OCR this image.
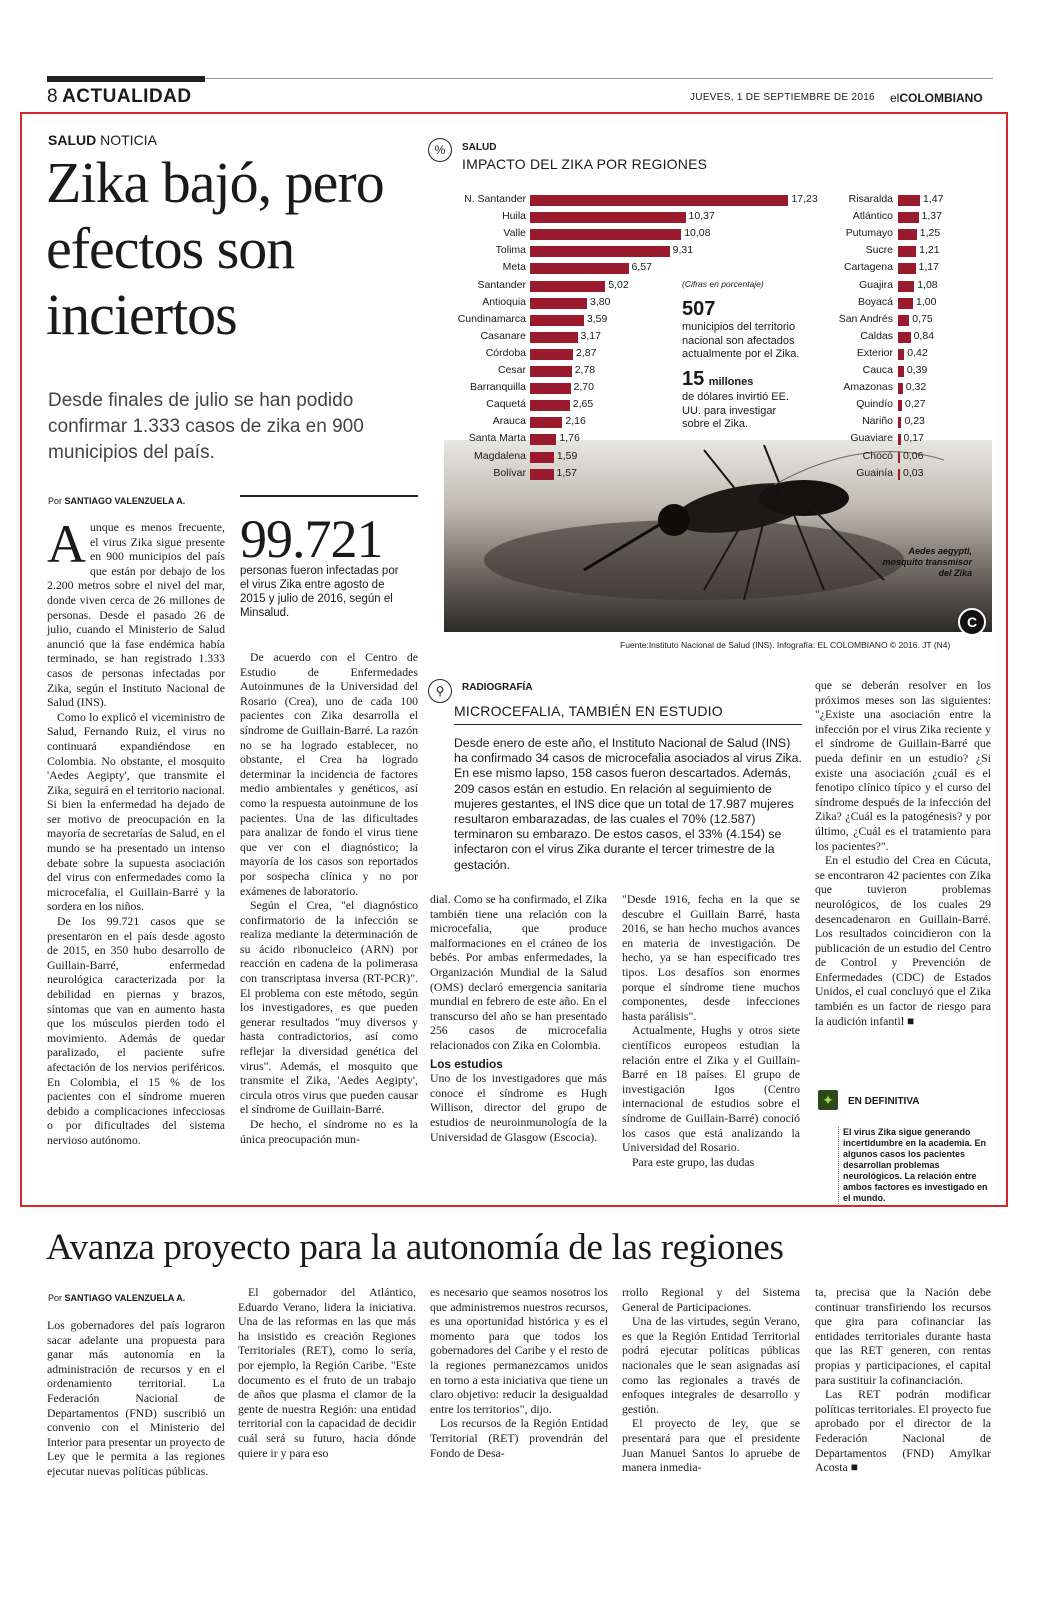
8 ACTUALIDAD	JUEVES, 1 DE SEPTIEMBRE DE 2016 elCOLOMBIANO
SALUD NOTICIA
Zika bajó, pero efectos son inciertos
Desde finales de julio se han podido confirmar 1.333 casos de zika en 900 municipios del país.
Por SANTIAGO VALENZUELA A.

Aunque es menos frecuente, el virus Zika sigue presente en 900 municipios del país que están por debajo de los 2.200 metros sobre el nivel del mar, donde viven cerca de 26 millones de personas. Desde el pasado 26 de julio, cuando el Ministerio de Salud anunció que la fase endémica había terminado, se han registrado 1.333 casos de personas infectadas por Zika, según el Instituto Nacional de Salud (INS).

Como lo explicó el viceministro de Salud, Fernando Ruiz, el virus no continuará expandiéndose en Colombia. No obstante, el mosquito 'Aedes Aegipty', que transmite el Zika, seguirá en el territorio nacional. Si bien la enfermedad ha dejado de ser motivo de preocupación en la mayoría de secretarías de Salud, en el mundo se ha presentado un intenso debate sobre la supuesta asociación del virus con enfermedades como la microcefalia, el Guillain-Barré y la sordera en los niños.

De los 99.721 casos que se presentaron en el país desde agosto de 2015, en 350 hubo desarrollo de Guillain-Barré, enfermedad neurológica caracterizada por la debilidad en piernas y brazos, síntomas que van en aumento hasta que los músculos pierden todo el movimiento. Además de quedar paralizado, el paciente sufre afectación de los nervios periféricos. En Colombia, el 15 % de los pacientes con el síndrome mueren debido a complicaciones infecciosas o por dificultades del sistema nervioso autónomo.

99.721
personas fueron infectadas por el virus Zika entre agosto de 2015 y julio de 2016, según el Minsalud.

De acuerdo con el Centro de Estudio de Enfermedades Autoinmunes de la Universidad del Rosario (Crea), uno de cada 100 pacientes con Zika desarrolla el síndrome de Guillain-Barré. La razón no se ha logrado establecer, no obstante, el Crea ha logrado determinar la incidencia de factores medio ambientales y genéticos, así como la respuesta autoinmune de los pacientes. Una de las dificultades para analizar de fondo el virus tiene que ver con el diagnóstico; la mayoría de los casos son reportados por sospecha clínica y no por exámenes de laboratorio.

Según el Crea, "el diagnóstico confirmatorio de la infección se realiza mediante la determinación de su ácido ribonucleico (ARN) por reacción en cadena de la polimerasa con transcriptasa inversa (RT-PCR)". El problema con este método, según los investigadores, es que pueden generar resultados "muy diversos y hasta contradictorios, así como reflejar la diversidad genética del virus". Además, el mosquito que transmite el Zika, 'Aedes Aegipty', circula otros virus que pueden causar el síndrome de Guillain-Barré.

De hecho, el síndrome no es la única preocupación mun-

%	SALUD
IMPACTO DEL ZIKA POR REGIONES
Aedes aegypti, mosquito transmisor del Zika
C
Fuente:Instituto Nacional de Salud (INS). Infografía: EL COLOMBIANO © 2016. JT (N4)
N. Santander	17,23
Huila	10,37
Valle	10,08
Tolima	9,31
Meta	6,57
Santander	5,02
Antioquia	3,80
Cundinamarca	3,59
Casanare	3,17
Córdoba	2,87
Cesar	2,78
Barranquilla	2,70
Caquetá	2,65
Arauca	2,16
Santa Marta	1,76
Magdalena	1,59
Bolívar	1,57
Risaralda	1,47
Atlántico	1,37
Putumayo	1,25
Sucre 1,21
Cartagena 1,17
Guajira 1,08
Boyacá 1,00
San Andrés 0,75
Caldas 0,84
Exterior 0,42
Cauca 0,39
Amazonas 0,32
Quindío 0,27
Nariño 0,23
Guaviare 0,17
Chocó 0,06
Guainía 0,03
(Cifras en porcentaje)
507
municipios del territorio nacional son afectados actualmente por el Zika.
15 millones
de dólares invirtió EE. UU. para investigar sobre el Zika.
⚲	RADIOGRAFÍA
MICROCEFALIA, TAMBIÉN EN ESTUDIO
Desde enero de este año, el Instituto Nacional de Salud (INS) ha confirmado 34 casos de microcefalia asociados al virus Zika. En ese mismo lapso, 158 casos fueron descartados. Además, 209 casos están en estudio. En relación al seguimiento de mujeres gestantes, el INS dice que un total de 17.987 mujeres resultaron embarazadas, de las cuales el 70% (12.587) terminaron su embarazo. De estos casos, el 33% (4.154) se infectaron con el virus Zika durante el tercer trimestre de la gestación.

dial. Como se ha confirmado, el Zika también tiene una relación con la microcefalia, que produce malformaciones en el cráneo de los bebés. Por ambas enfermedades, la Organización Mundial de la Salud (OMS) declaró emergencia sanitaria mundial en febrero de este año. En el transcurso del año se han presentado 256 casos de microcefalia relacionados con Zika en Colombia.

Los estudios

Uno de los investigadores que más conoce el síndrome es Hugh Willison, director del grupo de estudios de neuroinmunología de la Universidad de Glasgow (Escocia).

"Desde 1916, fecha en la que se descubre el Guillain Barré, hasta 2016, se han hecho muchos avances en materia de investigación. De hecho, ya se han especificado tres tipos. Los desafíos son enormes porque el síndrome tiene muchos componentes, desde infecciones hasta parálisis".

Actualmente, Hughs y otros siete científicos europeos estudian la relación entre el Zika y el Guillain-Barré en 18 países. El grupo de investigación Igos (Centro internacional de estudios sobre el síndrome de Guillain-Barré) conoció los casos que está analizando la Universidad del Rosario.

Para este grupo, las dudas

que se deberán resolver en los próximos meses son las siguientes: "¿Existe una asociación entre la infección por el virus Zika reciente y el síndrome de Guillain-Barré que pueda definir en un estudio? ¿Si existe una asociación ¿cuál es el fenotipo clínico típico y el curso del síndrome después de la infección del Zika? ¿Cuál es la patogénesis? y por último, ¿Cuál es el tratamiento para los pacientes?".

En el estudio del Crea en Cúcuta, se encontraron 42 pacientes con Zika que tuvieron problemas neurológicos, de los cuales 29 desencadenaron en Guillain-Barré. Los resultados coincidieron con la publicación de un estudio del Centro de Control y Prevención de Enfermedades (CDC) de Estados Unidos, el cual concluyó que el Zika también es un factor de riesgo para la audición infantil ■

✦	EN DEFINITIVA
El virus Zika sigue generando incertidumbre en la academia. En algunos casos los pacientes desarrollan problemas neurológicos. La relación entre ambos factores es investigado en el mundo.
Avanza proyecto para la autonomía de las regiones
Por SANTIAGO VALENZUELA A.

Los gobernadores del país lograron sacar adelante una propuesta para ganar más autonomía en la administración de recursos y en el ordenamiento territorial. La Federación Nacional de Departamentos (FND) suscribió un convenio con el Ministerio del Interior para presentar un proyecto de Ley que le permita a las regiones ejecutar nuevas políticas públicas.

El gobernador del Atlántico, Eduardo Verano, lidera la iniciativa. Una de las reformas en las que más ha insistido es creación Regiones Territoriales (RET), como lo sería, por ejemplo, la Región Caribe. "Este documento es el fruto de un trabajo de años que plasma el clamor de la gente de nuestra Región: una entidad territorial con la capacidad de decidir cuál será su futuro, hacia dónde quiere ir y para eso

es necesario que seamos nosotros los que administremos nuestros recursos, es una oportunidad histórica y es el momento para que todos los gobernadores del Caribe y el resto de la regiones permanezcamos unidos en torno a esta iniciativa que tiene un claro objetivo: reducir la desigualdad entre los territorios", dijo.

Los recursos de la Región Entidad Territorial (RET) provendrán del Fondo de Desa-

rrollo Regional y del Sistema General de Participaciones.

Una de las virtudes, según Verano, es que la Región Entidad Territorial podrá ejecutar políticas públicas nacionales que le sean asignadas así como las regionales a través de enfoques integrales de desarrollo y gestión.

El proyecto de ley, que se presentará para que el presidente Juan Manuel Santos lo apruebe de manera inmedia-

ta, precisa que la Nación debe continuar transfiriendo los recursos que gira para cofinanciar las entidades territoriales durante hasta que las RET generen, con rentas propias y participaciones, el capital para sustituir la cofinanciación.

Las RET podrán modificar políticas territoriales. El proyecto fue aprobado por el director de la Federación Nacional de Departamentos (FND) Amylkar Acosta ■
